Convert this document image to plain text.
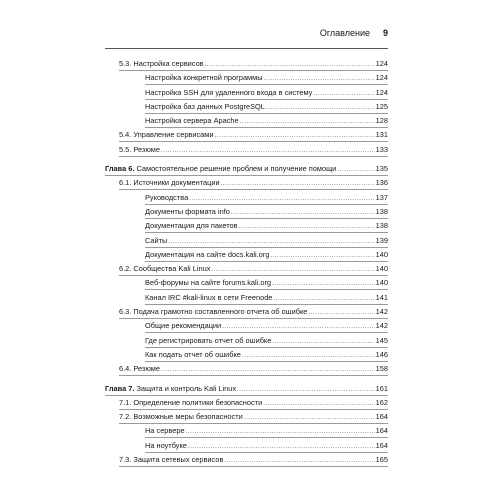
Оглавление 9
5.3. Настройка сервисов .....	124
Настройка конкретной программы .....	124
Настройка SSH для удаленного входа в систему .....	124
Настройка баз данных PostgreSQL .....	125
Настройка сервера Apache .....	128
5.4. Управление сервисами .....	131
5.5. Резюме .....	133
Глава 6. Самостоятельное решение проблем и получение помощи .....	135
6.1. Источники документации .....	136
Руководства .....	137
Документы формата info .....	138
Документация для пакетов .....	138
Сайты .....	139
Документация на сайте docs.kali.org .....	140
6.2. Сообщества Kali Linux .....	140
Веб-форумы на сайте forums.kali.org .....	140
Канал IRC #kali-linux в сети Freenode .....	141
6.3. Подача грамотно составленного отчета об ошибке .....	142
Общие рекомендации .....	142
Где регистрировать отчет об ошибке .....	145
Как подать отчет об ошибке .....	146
6.4. Резюме .....	158
Глава 7. Защита и контроль Kali Linux .....	161
7.1. Определение политики безопасности .....	162
7.2. Возможные меры безопасности .....	164
На сервере .....	164
На ноутбуке .....	164
7.3. Защита сетевых сервисов .....	165
